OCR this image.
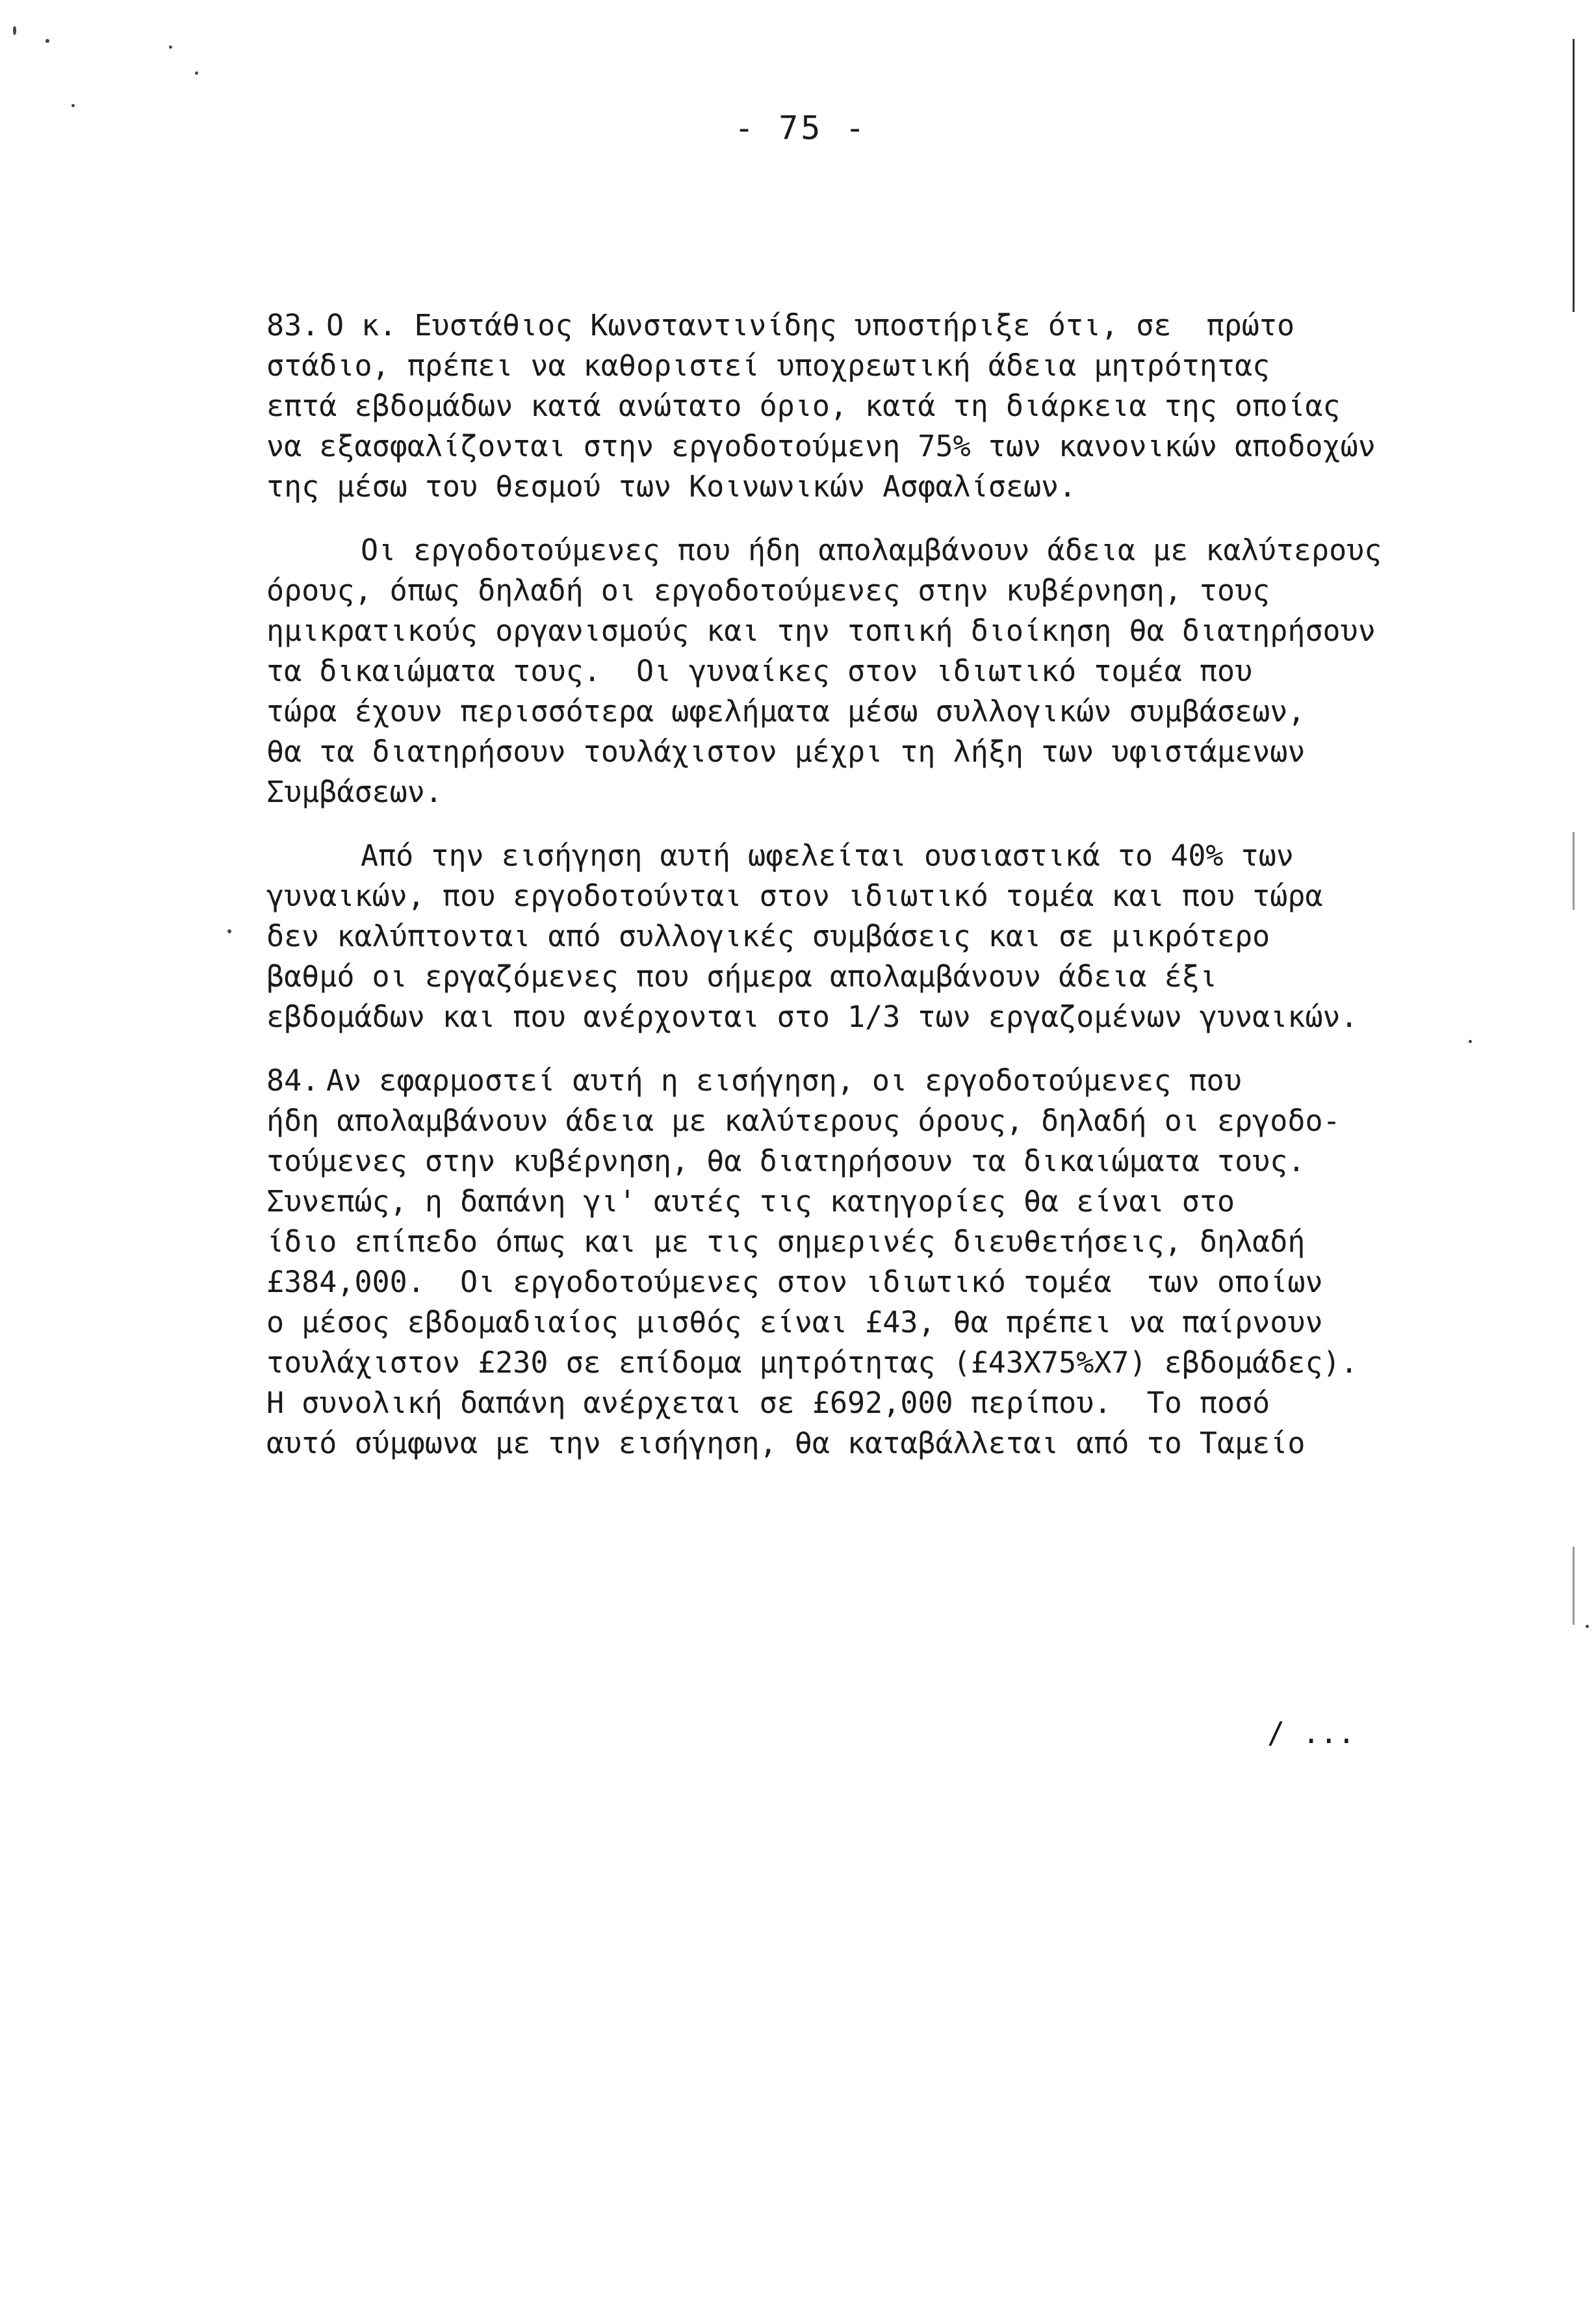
- 75 -
83. Ο κ. Ευστάθιος Κωνσταντινίδης υποστήριξε ότι, σε  πρώτο
στάδιο, πρέπει να καθοριστεί υποχρεωτική άδεια μητρότητας
επτά εβδομάδων κατά ανώτατο όριο, κατά τη διάρκεια της οποίας
να εξασφαλίζονται στην εργοδοτούμενη 75% των κανονικών αποδοχών
της μέσω του θεσμού των Κοινωνικών Ασφαλίσεων.
Οι εργοδοτούμενες που ήδη απολαμβάνουν άδεια με καλύτερους
όρους, όπως δηλαδή οι εργοδοτούμενες στην κυβέρνηση, τους
ημικρατικούς οργανισμούς και την τοπική διοίκηση θα διατηρήσουν
τα δικαιώματα τους.  Οι γυναίκες στον ιδιωτικό τομέα που
τώρα έχουν περισσότερα ωφελήματα μέσω συλλογικών συμβάσεων,
θα τα διατηρήσουν τουλάχιστον μέχρι τη λήξη των υφιστάμενων
Συμβάσεων.
Από την εισήγηση αυτή ωφελείται ουσιαστικά το 40% των
γυναικών, που εργοδοτούνται στον ιδιωτικό τομέα και που τώρα
δεν καλύπτονται από συλλογικές συμβάσεις και σε μικρότερο
βαθμό οι εργαζόμενες που σήμερα απολαμβάνουν άδεια έξι
εβδομάδων και που ανέρχονται στο 1/3 των εργαζομένων γυναικών.
84. Αν εφαρμοστεί αυτή η εισήγηση, οι εργοδοτούμενες που
ήδη απολαμβάνουν άδεια με καλύτερους όρους, δηλαδή οι εργοδο-
τούμενες στην κυβέρνηση, θα διατηρήσουν τα δικαιώματα τους.
Συνεπώς, η δαπάνη γι' αυτές τις κατηγορίες θα είναι στο
ίδιο επίπεδο όπως και με τις σημερινές διευθετήσεις, δηλαδή
£384,000.  Οι εργοδοτούμενες στον ιδιωτικό τομέα  των οποίων
ο μέσος εβδομαδιαίος μισθός είναι £43, θα πρέπει να παίρνουν
τουλάχιστον £230 σε επίδομα μητρότητας (£43Χ75%Χ7) εβδομάδες).
Η συνολική δαπάνη ανέρχεται σε £692,000 περίπου.  Το ποσό
αυτό σύμφωνα με την εισήγηση, θα καταβάλλεται από το Ταμείο
/ ...
